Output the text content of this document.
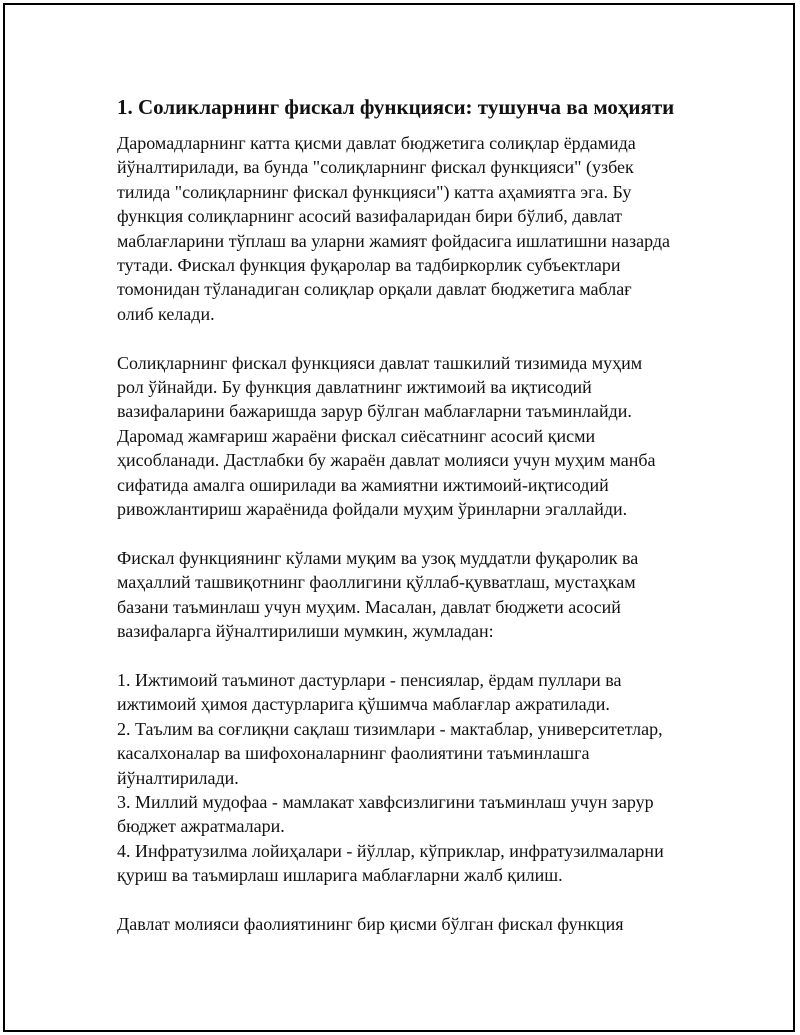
1. Соликларнинг фискал функцияси: тушунча ва моҳияти

Даромадларнинг катта қисми давлат бюджетига солиқлар ёрдамида
йўналтирилади, ва бунда "солиқларнинг фискал функцияси" (узбек
тилида "солиқларнинг фискал функцияси") катта аҳамиятга эга. Бу
функция солиқларнинг асосий вазифаларидан бири бўлиб, давлат
маблағларини тўплаш ва уларни жамият фойдасига ишлатишни назарда
тутади. Фискал функция фуқаролар ва тадбиркорлик субъектлари
томонидан тўланадиган солиқлар орқали давлат бюджетига маблағ
олиб келади.

Солиқларнинг фискал функцияси давлат ташкилий тизимида муҳим
рол ўйнайди. Бу функция давлатнинг ижтимоий ва иқтисодий
вазифаларини бажаришда зарур бўлган маблағларни таъминлайди.
Даромад жамғариш жараёни фискал сиёсатнинг асосий қисми
ҳисобланади. Дастлабки бу жараён давлат молияси учун муҳим манба
сифатида амалга оширилади ва жамиятни ижтимоий-иқтисодий
ривожлантириш жараёнида фойдали муҳим ўринларни эгаллайди.

Фискал функциянинг кўлами муқим ва узоқ муддатли фуқаролик ва
маҳаллий ташвиқотнинг фаоллигини қўллаб-қувватлаш, мустаҳкам
базани таъминлаш учун муҳим. Масалан, давлат бюджети асосий
вазифаларга йўналтирилиши мумкин, жумладан:

1. Ижтимоий таъминот дастурлари - пенсиялар, ёрдам пуллари ва
ижтимоий ҳимоя дастурларига қўшимча маблағлар ажратилади.
2. Таълим ва соғлиқни сақлаш тизимлари - мактаблар, университетлар,
касалхоналар ва шифохоналарнинг фаолиятини таъминлашга
йўналтирилади.
3. Миллий мудофаа - мамлакат хавфсизлигини таъминлаш учун зарур
бюджет ажратмалари.
4. Инфратузилма лойиҳалари - йўллар, кўприклар, инфратузилмаларни
қуриш ва таъмирлаш ишларига маблағларни жалб қилиш.

Давлат молияси фаолиятининг бир қисми бўлган фискал функция
